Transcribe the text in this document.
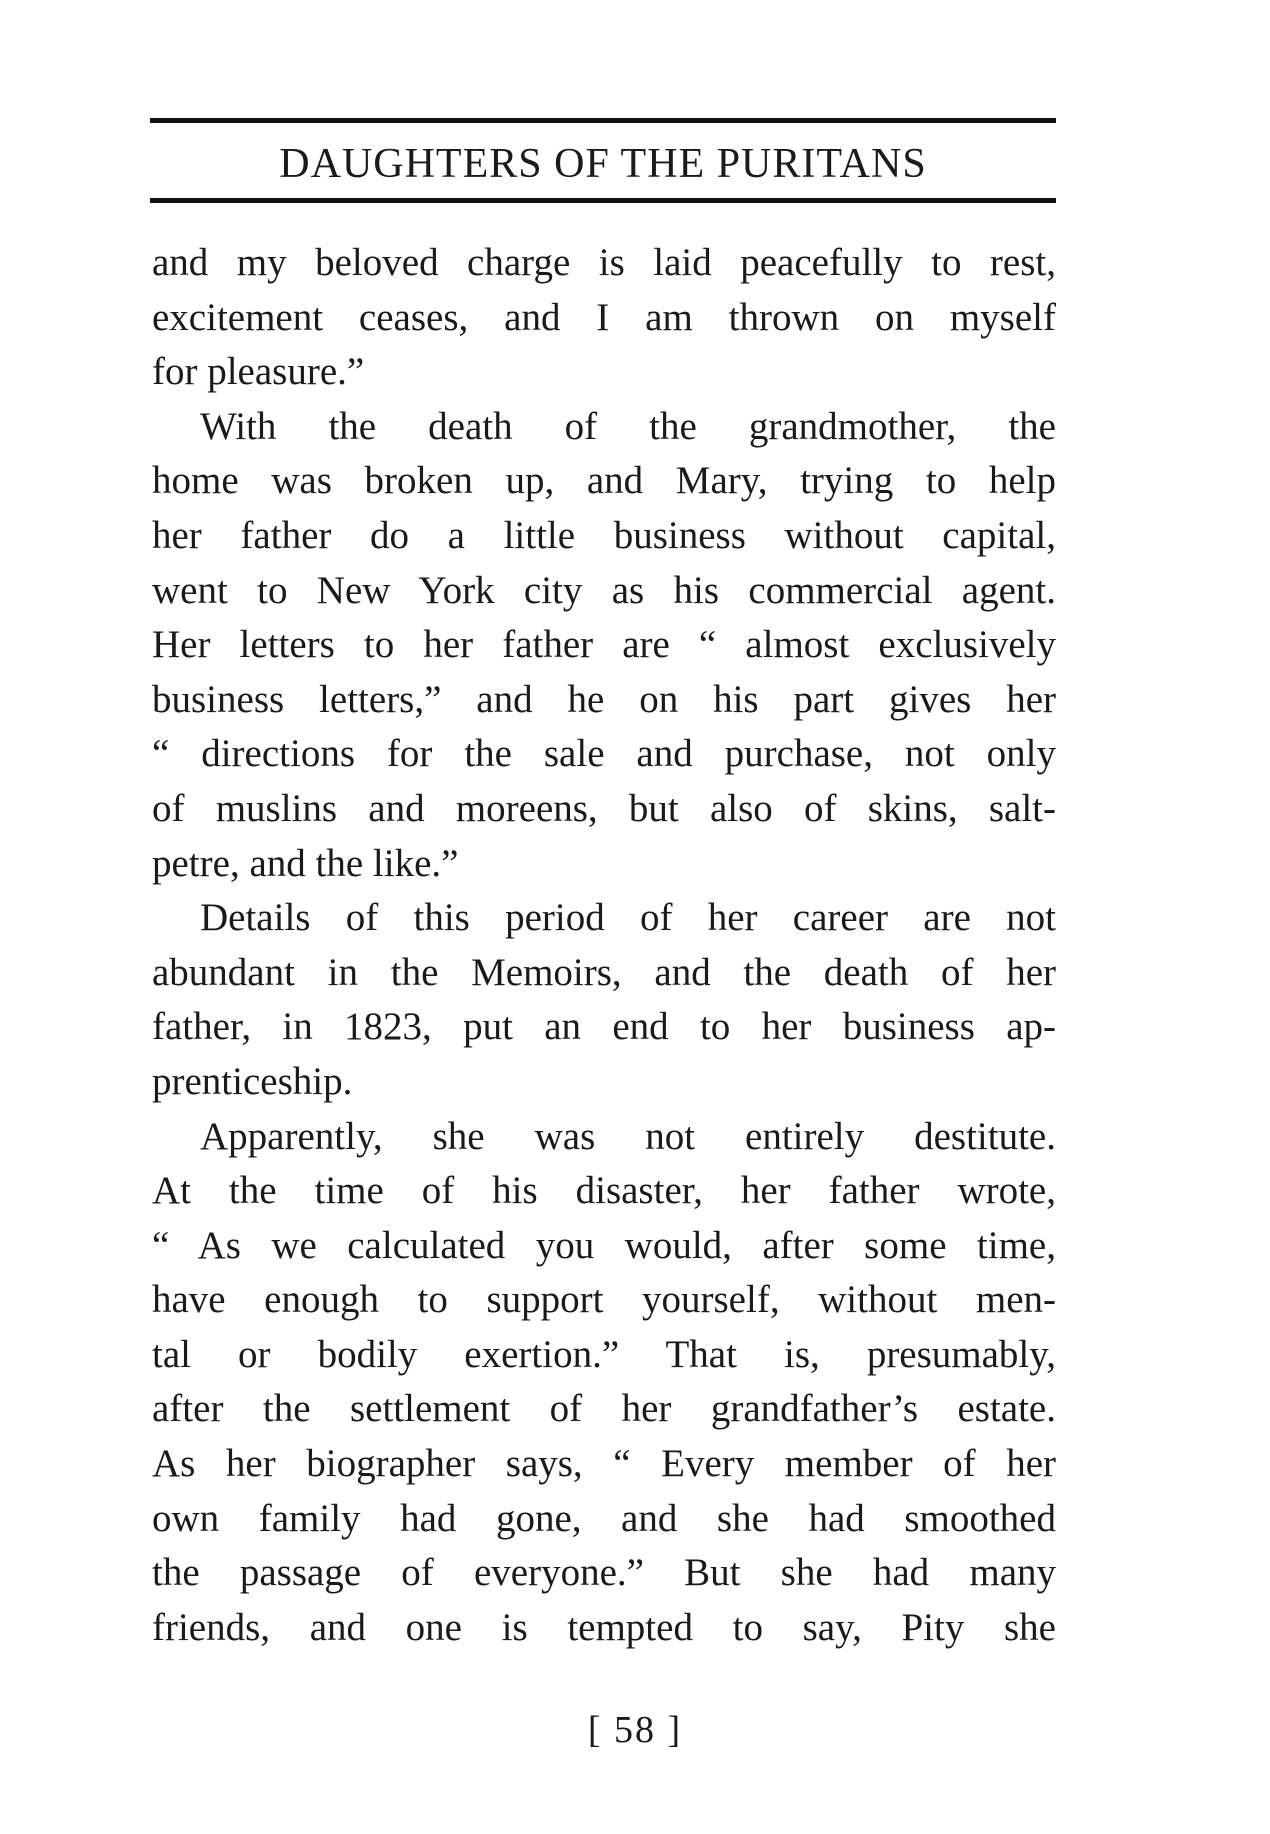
DAUGHTERS OF THE PURITANS
and my beloved charge is laid peacefully to rest,
excitement ceases, and I am thrown on myself
for pleasure.”
With the death of the grandmother, the
home was broken up, and Mary, trying to help
her father do a little business without capital,
went to New York city as his commercial agent.
Her letters to her father are “ almost exclusively
business letters,” and he on his part gives her
“ directions for the sale and purchase, not only
of muslins and moreens, but also of skins, salt-
petre, and the like.”
Details of this period of her career are not
abundant in the Memoirs, and the death of her
father, in 1823, put an end to her business ap-
prenticeship.
Apparently, she was not entirely destitute.
At the time of his disaster, her father wrote,
“ As we calculated you would, after some time,
have enough to support yourself, without men-
tal or bodily exertion.” That is, presumably,
after the settlement of her grandfather’s estate.
As her biographer says, “ Every member of her
own family had gone, and she had smoothed
the passage of everyone.” But she had many
friends, and one is tempted to say, Pity she
[ 58 ]
